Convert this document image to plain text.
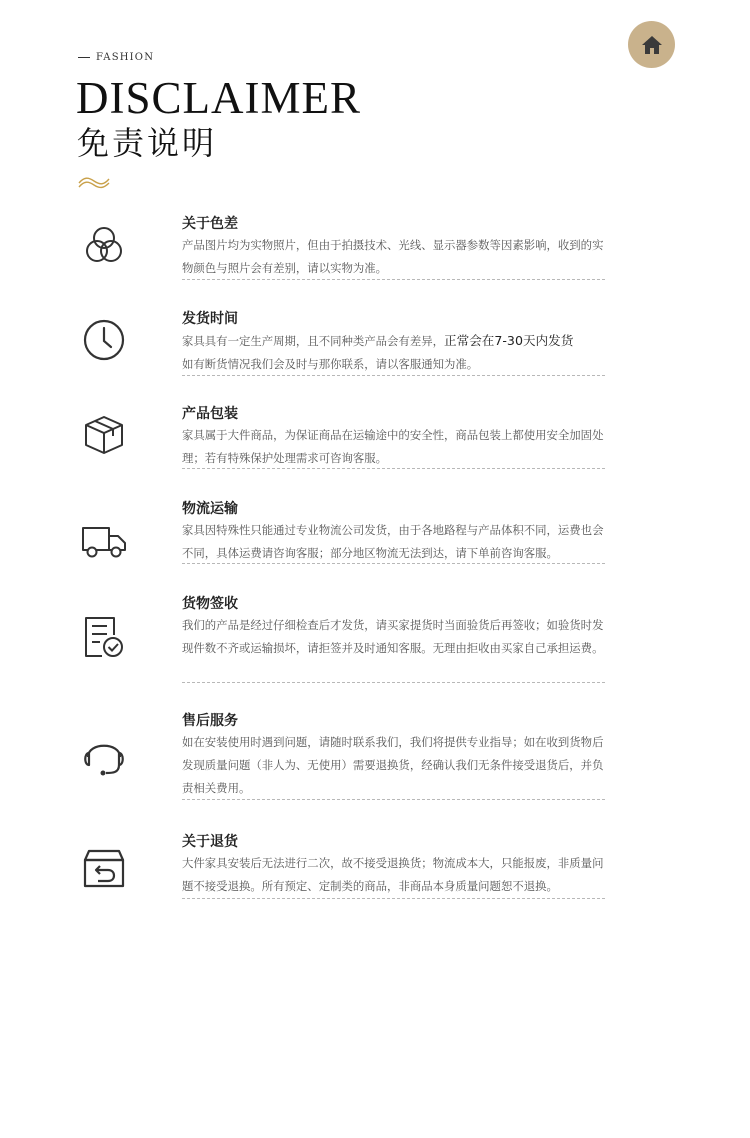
FASHION
DISCLAIMER
免责说明
关于色差
产品图片均为实物照片，但由于拍摄技术、光线、显示器参数等因素影响，收到的实物颜色与照片会有差别，请以实物为准。
发货时间
家具具有一定生产周期，且不同种类产品会有差异，正常会在7-30天内发货
如有断货情况我们会及时与那你联系，请以客服通知为准。
产品包装
家具属于大件商品，为保证商品在运输途中的安全性，商品包装上都使用安全加固处理；若有特殊保护处理需求可咨询客服。
物流运输
家具因特殊性只能通过专业物流公司发货，由于各地路程与产品体积不同，运费也会不同，具体运费请咨询客服；部分地区物流无法到达，请下单前咨询客服。
货物签收
我们的产品是经过仔细检查后才发货，请买家提货时当面验货后再签收；如验货时发现件数不齐或运输损坏，请拒签并及时通知客服。无理由拒收由买家自己承担运费。
售后服务
如在安装使用时遇到问题，请随时联系我们，我们将提供专业指导；如在收到货物后发现质量问题（非人为、无使用）需要退换货，经确认我们无条件接受退货后，并负责相关费用。
关于退货
大件家具安装后无法进行二次，故不接受退换货；物流成本大，只能报废，非质量问题不接受退换。所有预定、定制类的商品，非商品本身质量问题恕不退换。
